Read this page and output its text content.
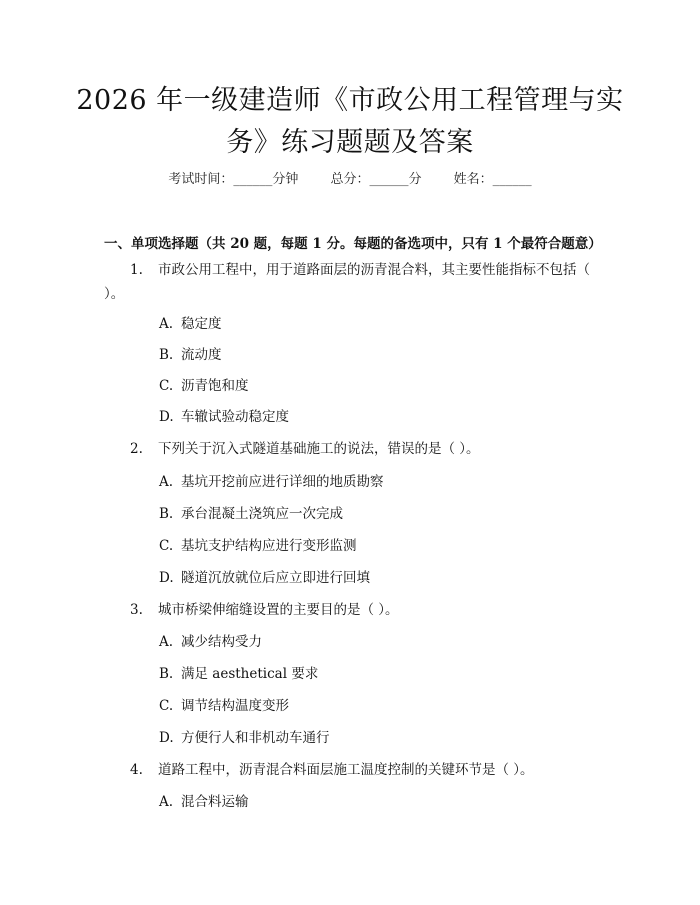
2026 年一级建造师《市政公用工程管理与实
务》练习题题及答案
考试时间：______分钟 总分：______分 姓名：______
一、单项选择题（共 20 题，每题 1 分。每题的备选项中，只有 1 个最符合题意）
1. 市政公用工程中，用于道路面层的沥青混合料，其主要性能指标不包括（ ）。
A. 稳定度
B. 流动度
C. 沥青饱和度
D. 车辙试验动稳定度
2. 下列关于沉入式隧道基础施工的说法，错误的是（ ）。
A. 基坑开挖前应进行详细的地质勘察
B. 承台混凝土浇筑应一次完成
C. 基坑支护结构应进行变形监测
D. 隧道沉放就位后应立即进行回填
3. 城市桥梁伸缩缝设置的主要目的是（ ）。
A. 减少结构受力
B. 满足 aesthetical 要求
C. 调节结构温度变形
D. 方便行人和非机动车通行
4. 道路工程中，沥青混合料面层施工温度控制的关键环节是（ ）。
A. 混合料运输
